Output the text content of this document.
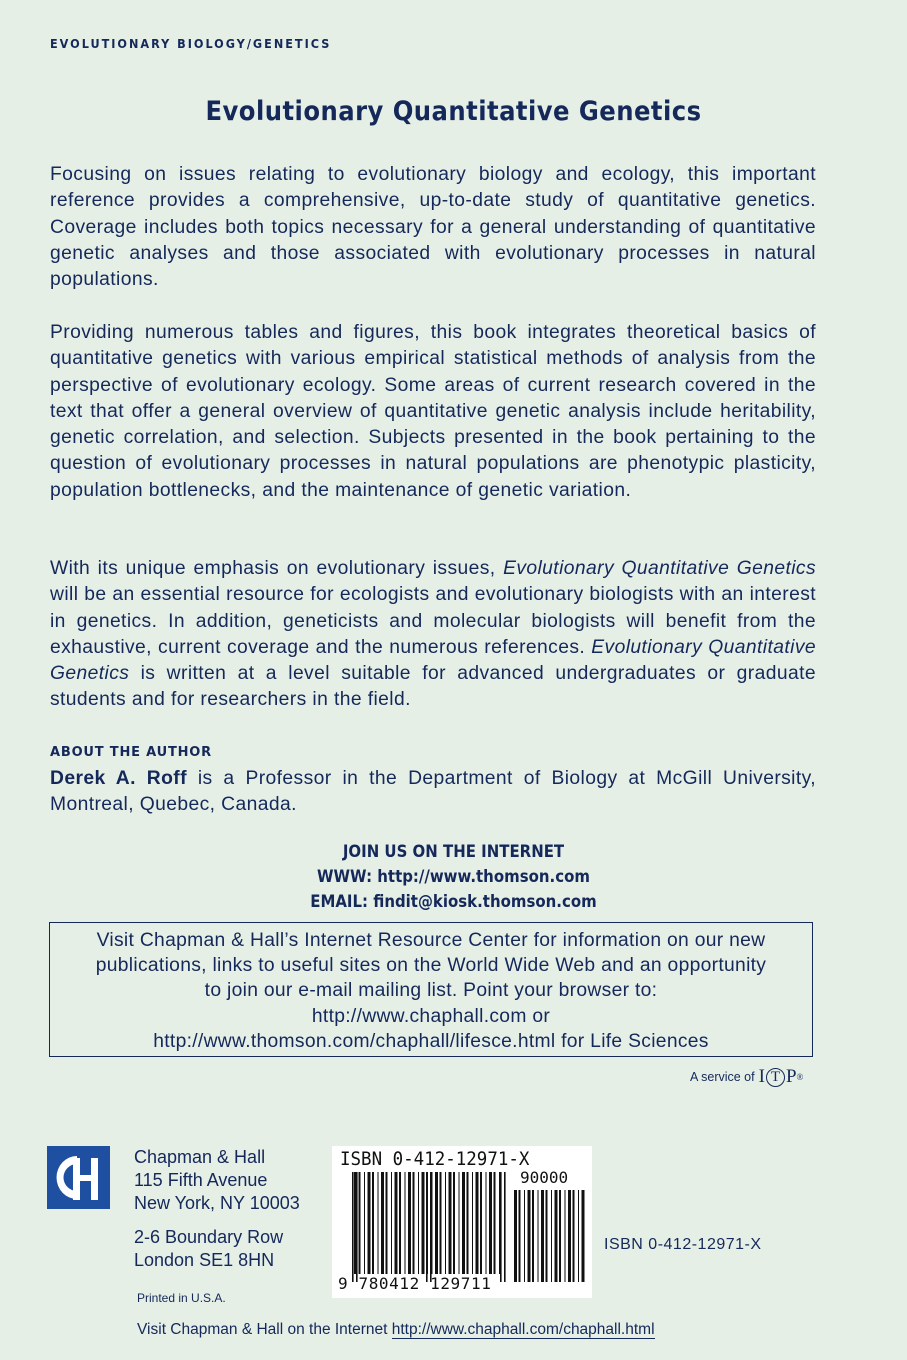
EVOLUTIONARY BIOLOGY/GENETICS
Evolutionary Quantitative Genetics
Focusing on issues relating to evolutionary biology and ecology, this important reference provides a comprehensive, up-to-date study of quantitative genetics. Coverage includes both topics necessary for a general understanding of quantitative genetic analyses and those associated with evolutionary processes in natural populations.
Providing numerous tables and figures, this book integrates theoretical basics of quantitative genetics with various empirical statistical methods of analysis from the perspective of evolutionary ecology. Some areas of current research covered in the text that offer a general overview of quantitative genetic analysis include heritability, genetic correlation, and selection. Subjects presented in the book pertaining to the question of evolutionary processes in natural populations are phenotypic plasticity, population bottlenecks, and the maintenance of genetic variation.
With its unique emphasis on evolutionary issues, Evolutionary Quantitative Genetics will be an essential resource for ecologists and evolutionary biologists with an interest in genetics. In addition, geneticists and molecular biologists will benefit from the exhaustive, current coverage and the numerous references. Evolutionary Quantitative Genetics is written at a level suitable for advanced undergraduates or graduate students and for researchers in the field.
ABOUT THE AUTHOR
Derek A. Roff is a Professor in the Department of Biology at McGill University, Montreal, Quebec, Canada.
JOIN US ON THE INTERNET
WWW: http://www.thomson.com
EMAIL: findit@kiosk.thomson.com
Visit Chapman & Hall’s Internet Resource Center for information on our new
publications, links to useful sites on the World Wide Web and an opportunity
to join our e-mail mailing list. Point your browser to:
http://www.chaphall.com or
http://www.thomson.com/chaphall/lifesce.html for Life Sciences
A service of I T P ®
Chapman & Hall
115 Fifth Avenue
New York, NY 10003
2-6 Boundary Row
London SE1 8HN
Printed in U.S.A.
ISBN 0-412-12971-X
90000
9 780412 129711
ISBN 0-412-12971-X
Visit Chapman & Hall on the Internet http://www.chaphall.com/chaphall.html
